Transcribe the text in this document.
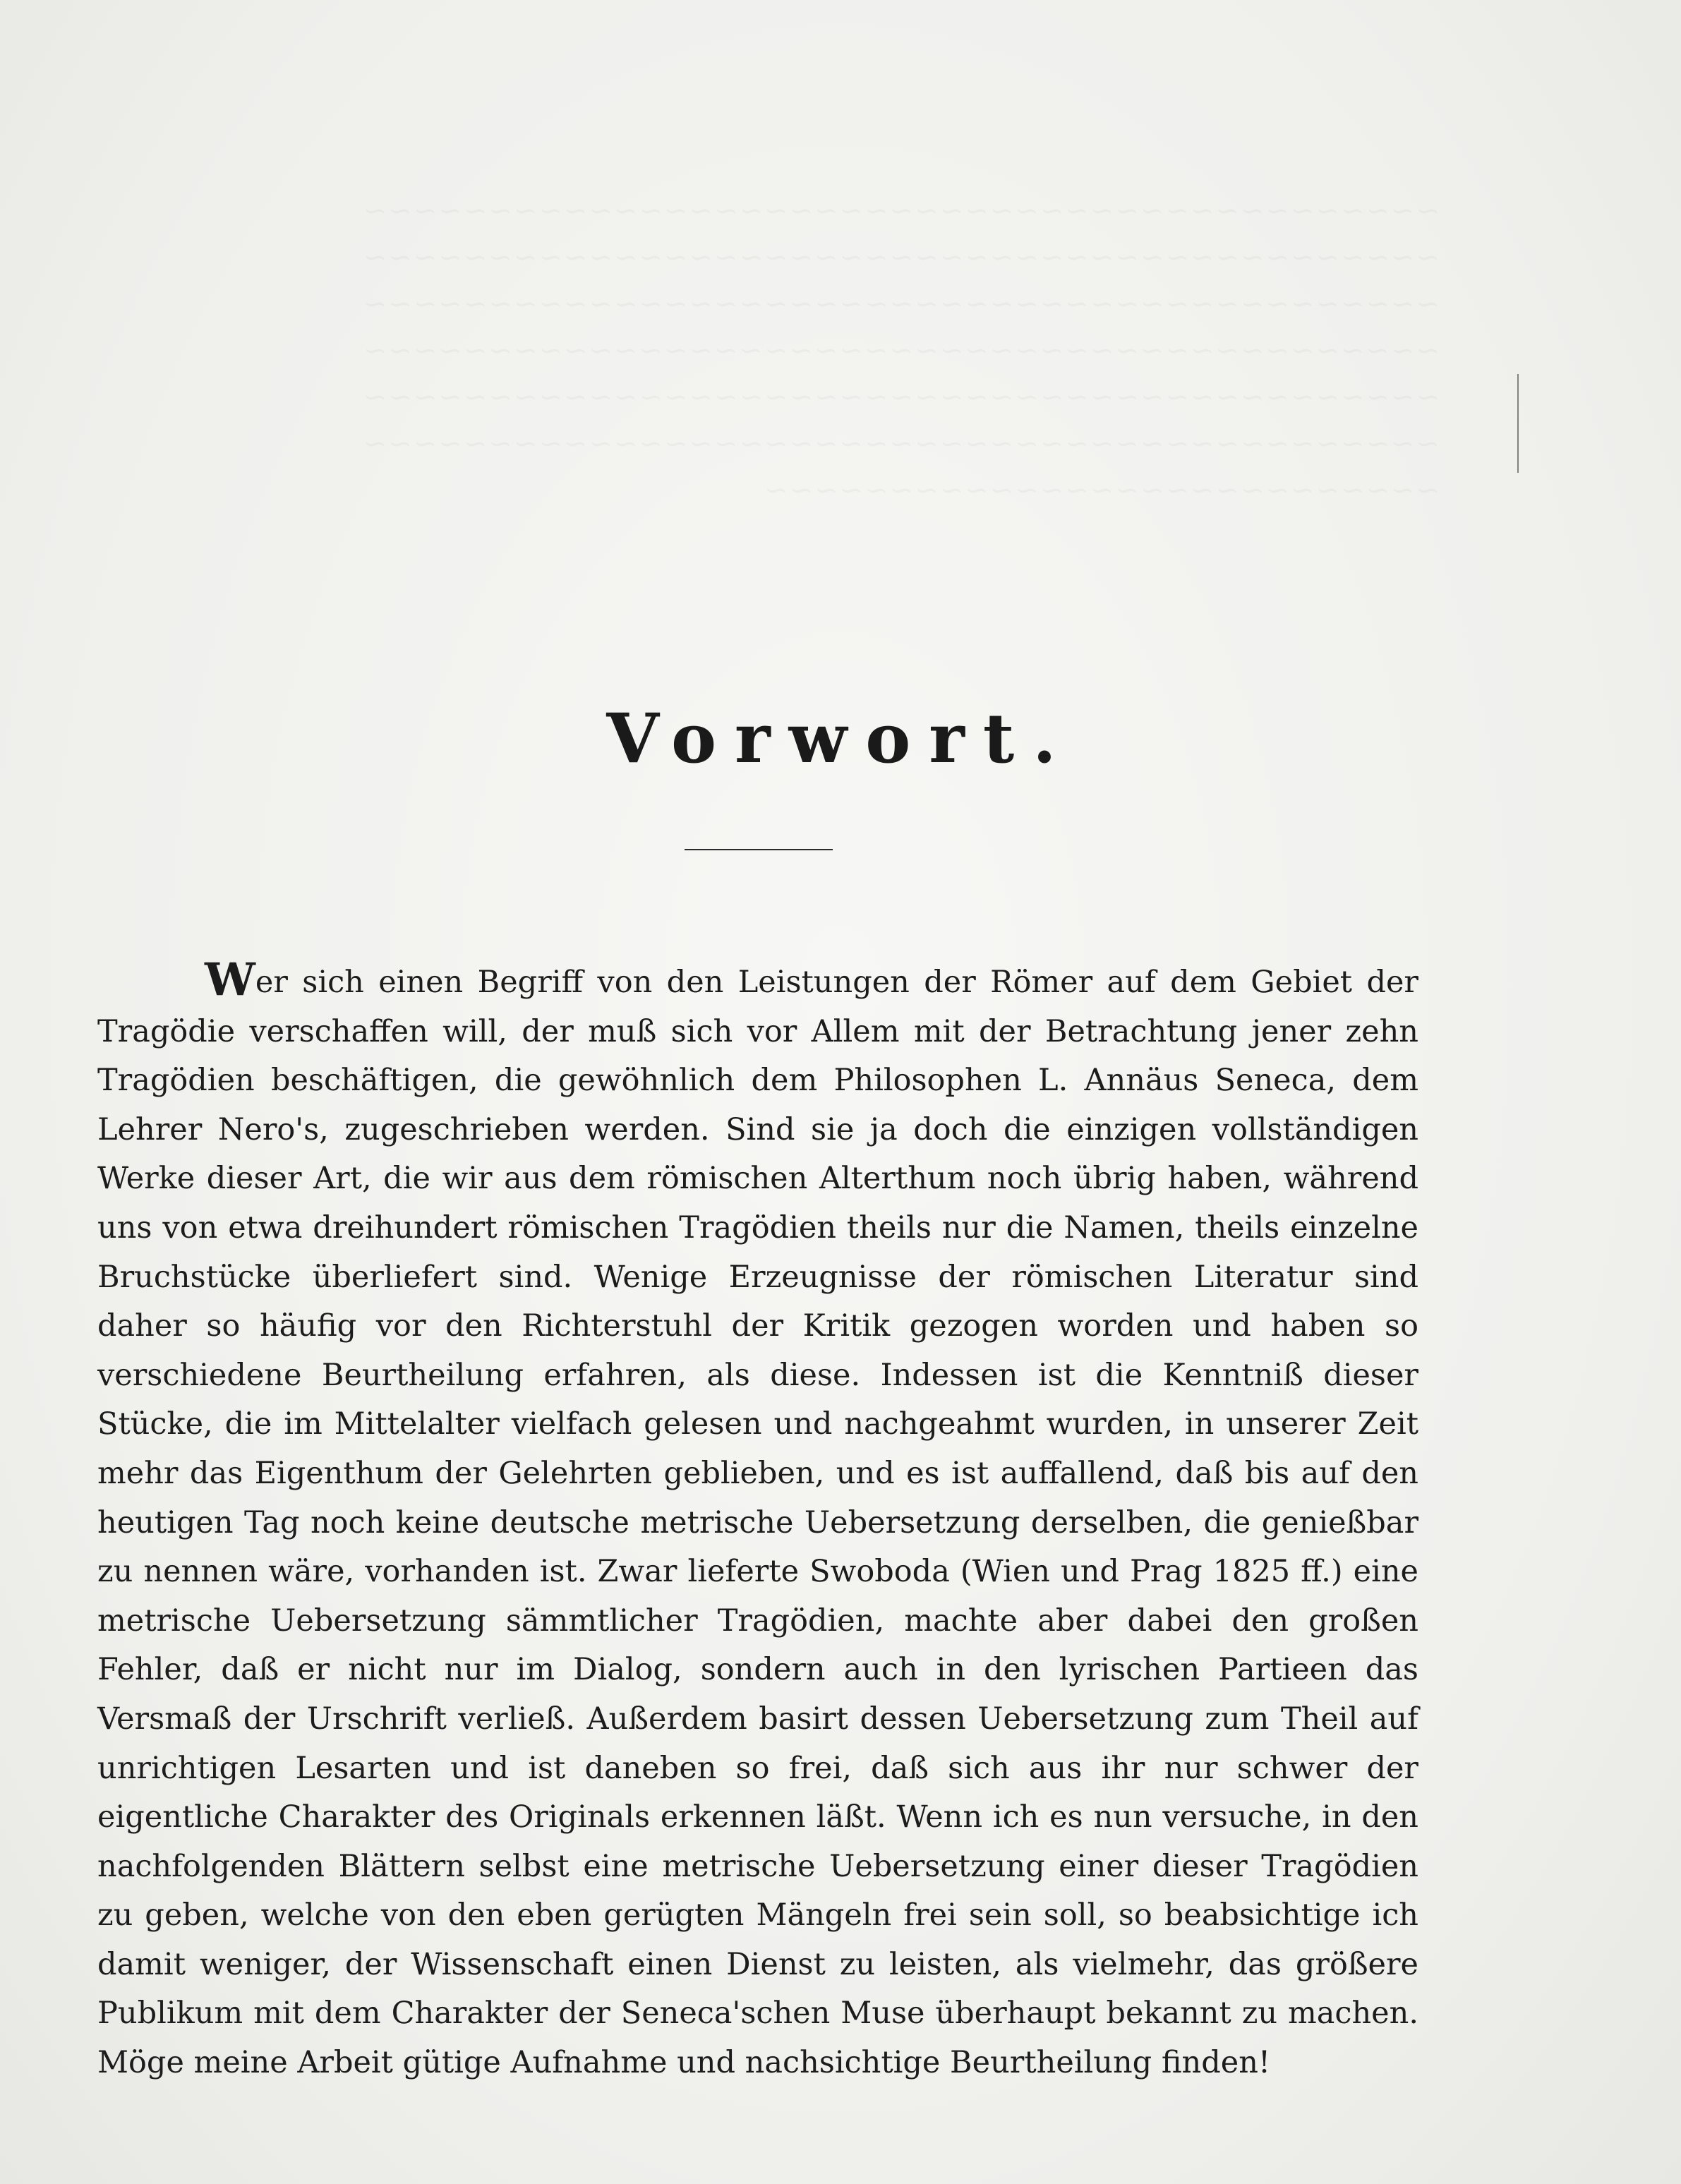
Vorwort.

Wer sich einen Begriff von den Leistungen der Römer auf dem Gebiet der Tragödie verschaffen will, der muß sich vor Allem mit der Betrachtung jener zehn Tragödien beschäftigen, die gewöhnlich dem Philosophen L. Annäus Seneca, dem Lehrer Nero's, zugeschrieben werden. Sind sie ja doch die einzigen vollständigen Werke dieser Art, die wir aus dem römischen Alterthum noch übrig haben, während uns von etwa dreihundert römischen Tragödien theils nur die Namen, theils einzelne Bruchstücke überliefert sind. Wenige Erzeugnisse der römischen Literatur sind daher so häufig vor den Richterstuhl der Kritik gezogen worden und haben so verschiedene Beurtheilung erfahren, als diese. Indessen ist die Kenntniß dieser Stücke, die im Mittelalter vielfach gelesen und nachgeahmt wurden, in unserer Zeit mehr das Eigenthum der Gelehrten geblieben, und es ist auffallend, daß bis auf den heutigen Tag noch keine deutsche metrische Uebersetzung derselben, die genießbar zu nennen wäre, vorhanden ist. Zwar lieferte Swoboda (Wien und Prag 1825 ff.) eine metrische Uebersetzung sämmtlicher Tragödien, machte aber dabei den großen Fehler, daß er nicht nur im Dialog, sondern auch in den lyrischen Partieen das Versmaß der Urschrift verließ. Außerdem basirt dessen Uebersetzung zum Theil auf unrichtigen Lesarten und ist daneben so frei, daß sich aus ihr nur schwer der eigentliche Charakter des Originals erkennen läßt. Wenn ich es nun versuche, in den nachfolgenden Blättern selbst eine metrische Uebersetzung einer dieser Tragödien zu geben, welche von den eben gerügten Mängeln frei sein soll, so beabsichtige ich damit weniger, der Wissenschaft einen Dienst zu leisten, als vielmehr, das größere Publikum mit dem Charakter der Seneca'schen Muse überhaupt bekannt zu machen. Möge meine Arbeit gütige Aufnahme und nachsichtige Beurtheilung finden!
